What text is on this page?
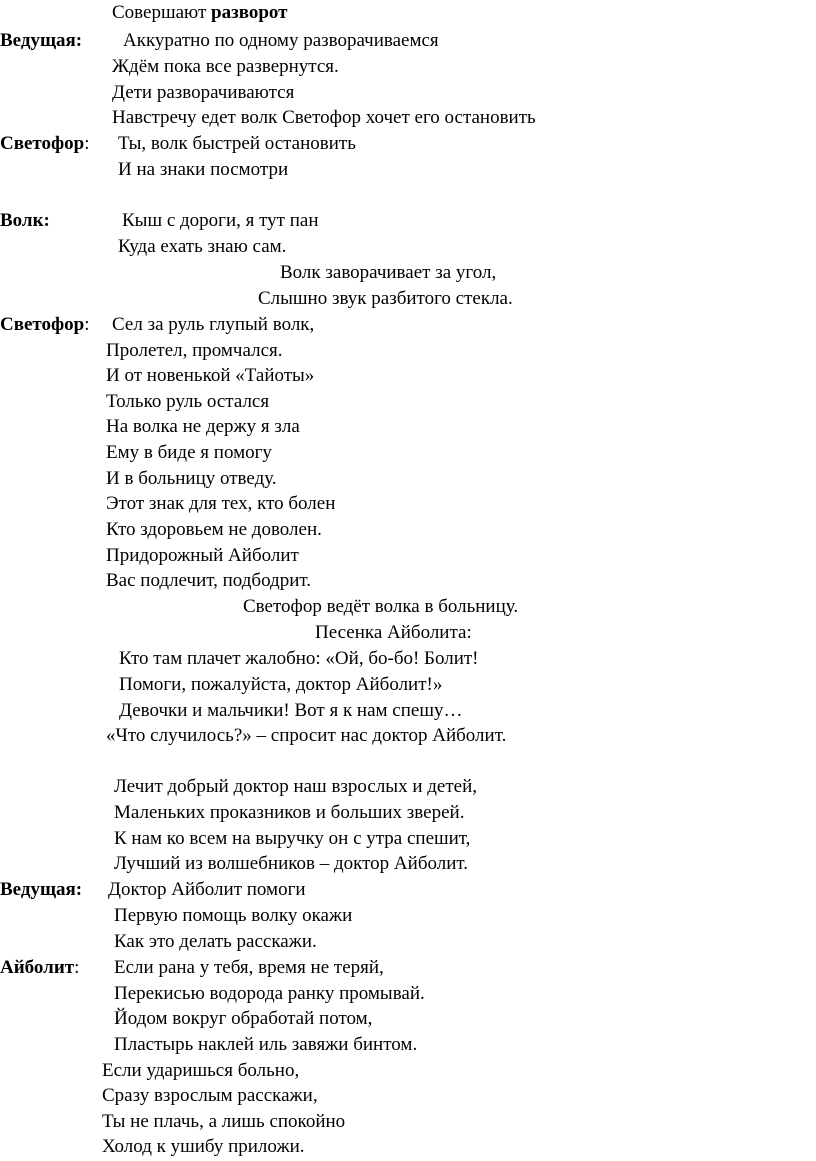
Совершают разворот
Ведущая: Аккуратно по одному разворачиваемся
Ждём пока все развернутся.
Дети разворачиваются
Навстречу едет волк Светофор хочет его остановить
Светофор: Ты, волк быстрей остановить
И на знаки посмотри
Волк:	Кыш с дороги, я тут пан
Куда ехать знаю сам.
Волк заворачивает за угол,
Слышно звук разбитого стекла.
Светофор: Сел за руль глупый волк,
Пролетел, промчался.
И от новенькой «Тайоты»
Только руль остался
На волка не держу я зла
Ему в биде я помогу
И в больницу отведу.
Этот знак для тех, кто болен
Кто здоровьем не доволен.
Придорожный Айболит
Вас подлечит, подбодрит.
Светофор ведёт волка в больницу.
Песенка Айболита:
Кто там плачет жалобно: «Ой, бо-бо! Болит!
Помоги, пожалуйста, доктор Айболит!»
Девочки и мальчики! Вот я к нам спешу…
«Что случилось?» – спросит нас доктор Айболит.
Лечит добрый доктор наш взрослых и детей,
Маленьких проказников и больших зверей.
К нам ко всем на выручку он с утра спешит,
Лучший из волшебников – доктор Айболит.
Ведущая: Доктор Айболит помоги
Первую помощь волку окажи
Как это делать расскажи.
Айболит: Если рана у тебя, время не теряй,
Перекисью водорода ранку промывай.
Йодом вокруг обработай потом,
Пластырь наклей иль завяжи бинтом.
Если ударишься больно,
Сразу взрослым расскажи,
Ты не плачь, а лишь спокойно
Холод к ушибу приложи.
